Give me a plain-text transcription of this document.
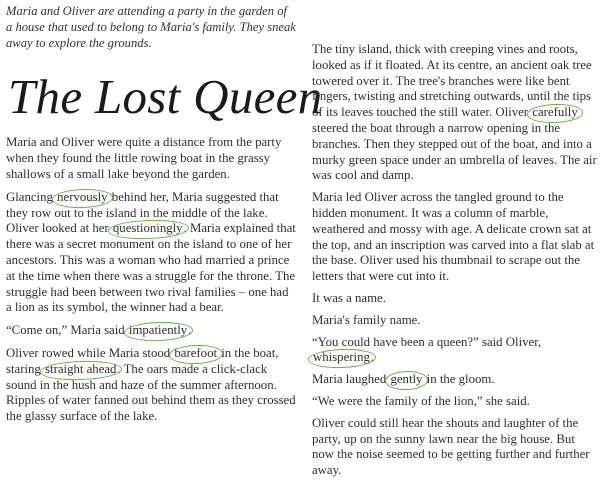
Maria and Oliver are attending a party in the garden of a house that used to belong to Maria's family. They sneak away to explore the grounds.

The Lost Queen

Maria and Oliver were quite a distance from the party when they found the little rowing boat in the grassy shallows of a small lake beyond the garden.

Glancing nervously behind her, Maria suggested that they row out to the island in the middle of the lake. Oliver looked at her questioningly. Maria explained that there was a secret monument on the island to one of her ancestors. This was a woman who had married a prince at the time when there was a struggle for the throne. The struggle had been between two rival families – one had a lion as its symbol, the winner had a bear.

“Come on,” Maria said impatiently.

Oliver rowed while Maria stood barefoot in the boat, staring straight ahead. The oars made a click-clack sound in the hush and haze of the summer afternoon. Ripples of water fanned out behind them as they crossed the glassy surface of the lake.

The tiny island, thick with creeping vines and roots, looked as if it floated. At its centre, an ancient oak tree towered over it. The tree's branches were like bent fingers, twisting and stretching outwards, until the tips of its leaves touched the still water. Oliver carefully steered the boat through a narrow opening in the branches. Then they stepped out of the boat, and into a murky green space under an umbrella of leaves. The air was cool and damp.

Maria led Oliver across the tangled ground to the hidden monument. It was a column of marble, weathered and mossy with age. A delicate crown sat at the top, and an inscription was carved into a flat slab at the base. Oliver used his thumbnail to scrape out the letters that were cut into it.

It was a name.

Maria's family name.

“You could have been a queen?” said Oliver, whispering.

Maria laughed gently in the gloom.

“We were the family of the lion,” she said.

Oliver could still hear the shouts and laughter of the party, up on the sunny lawn near the big house. But now the noise seemed to be getting further and further away.
